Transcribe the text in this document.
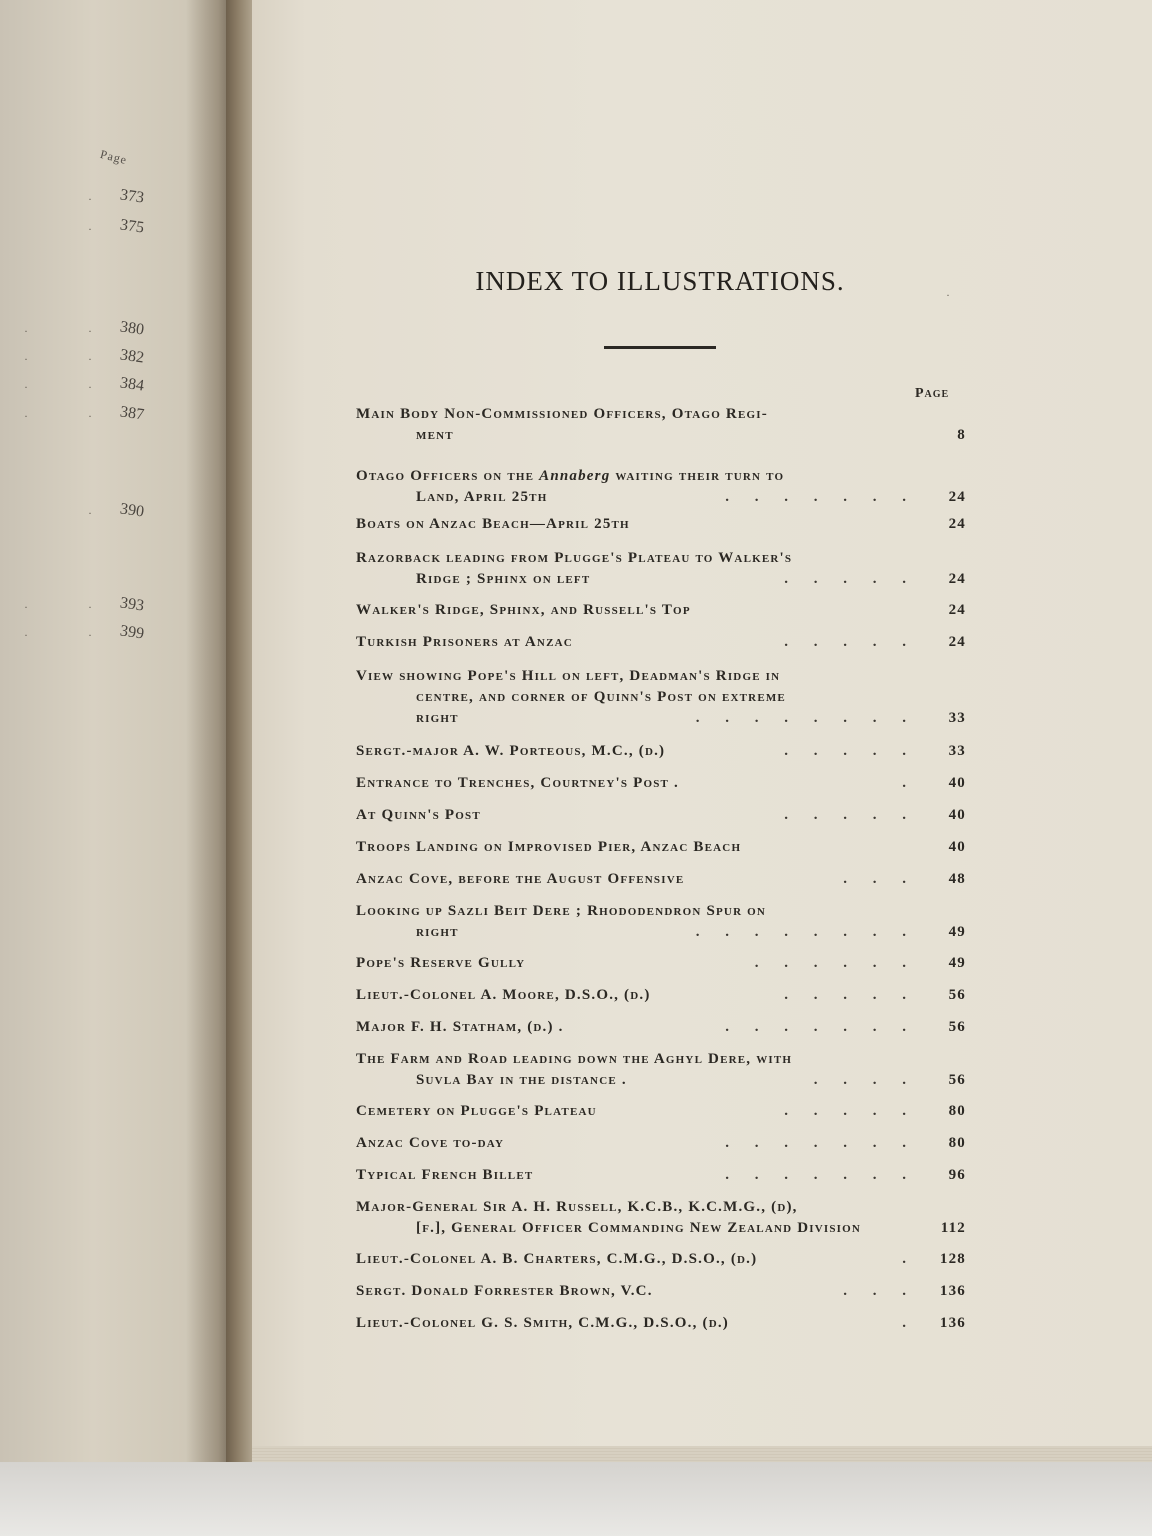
Page
· 373
· 375
·	· 380
·	· 382
·	· 384
·	· 387
· 390
·	· 393
·	· 399
INDEX TO ILLUSTRATIONS.
Page
·
Main Body Non-Commissioned Officers, Otago Regi-
ment	8
Otago Officers on the Annaberg waiting their turn to
Land, April 25th	. . . . . . .	24
Boats on Anzac Beach—April 25th	24
Razorback leading from Plugge's Plateau to Walker's
Ridge ; Sphinx on left	. . . . .	24
Walker's Ridge, Sphinx, and Russell's Top	24
Turkish Prisoners at Anzac	. . . . .	24
View showing Pope's Hill on left, Deadman's Ridge in
centre, and corner of Quinn's Post on extreme
right	. . . . . . . .	33
Sergt.-major A. W. Porteous, M.C., (d.)	. . . . .	33
Entrance to Trenches, Courtney's Post .	.	40
At Quinn's Post	. . . . .	40
Troops Landing on Improvised Pier, Anzac Beach	40
Anzac Cove, before the August Offensive	. . .	48
Looking up Sazli Beit Dere ; Rhododendron Spur on
right	. . . . . . . .	49
Pope's Reserve Gully	. . . . . .	49
Lieut.-Colonel A. Moore, D.S.O., (d.)	. . . . .	56
Major F. H. Statham, (d.) .	. . . . . . .	56
The Farm and Road leading down the Aghyl Dere, with
Suvla Bay in the distance .	. . . .	56
Cemetery on Plugge's Plateau	. . . . .	80
Anzac Cove to-day	. . . . . . .	80
Typical French Billet	. . . . . . .	96
Major-General Sir A. H. Russell, K.C.B., K.C.M.G., (d),
[f.], General Officer Commanding New Zealand Division	112
Lieut.-Colonel A. B. Charters, C.M.G., D.S.O., (d.)	.	128
Sergt. Donald Forrester Brown, V.C.	. . .	136
Lieut.-Colonel G. S. Smith, C.M.G., D.S.O., (d.)	.	136
